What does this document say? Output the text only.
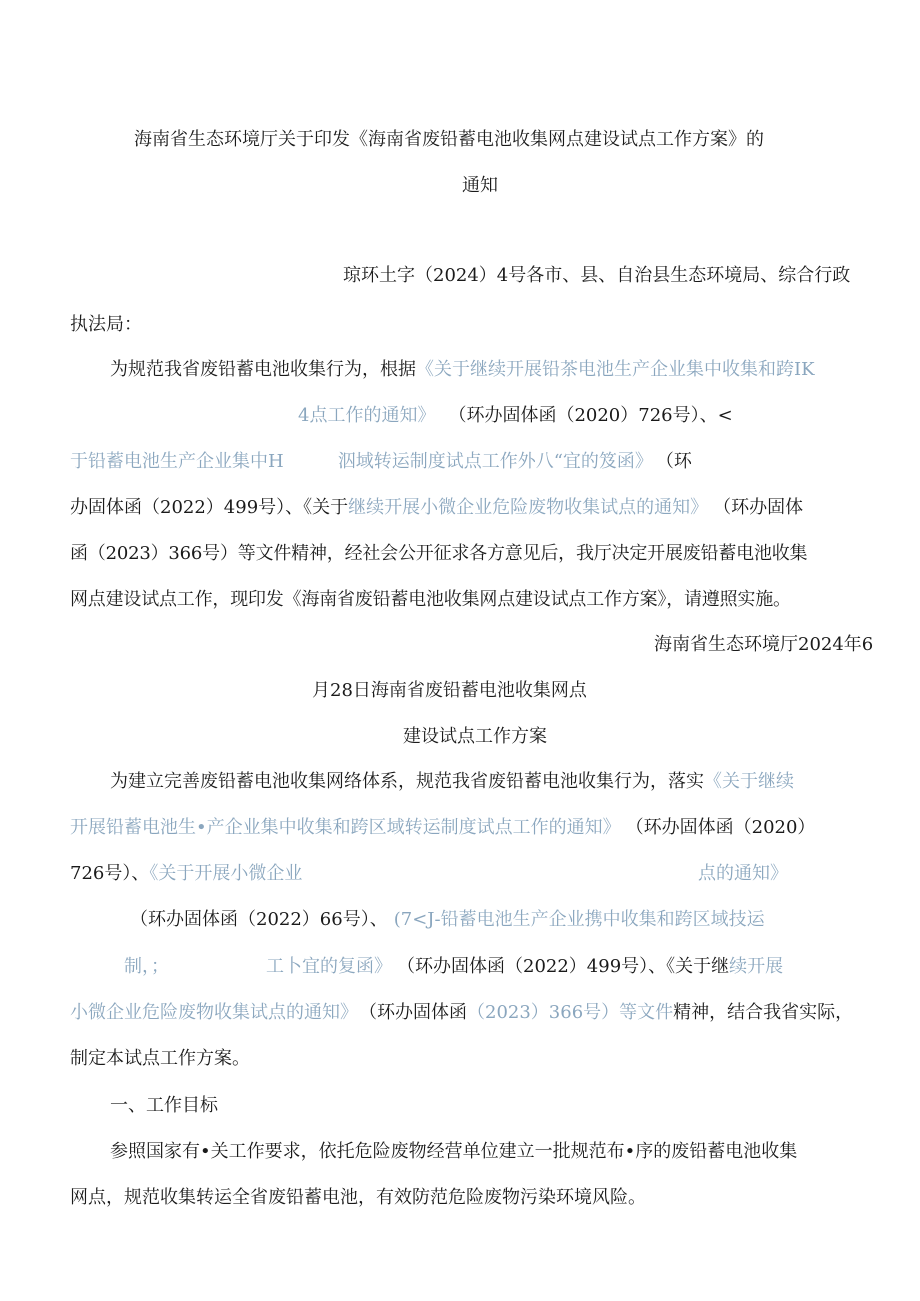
海南省生态环境厅关于印发《海南省废铅蓄电池收集网点建设试点工作方案》的
通知
琼环土字（2024）4号各市、县、自治县生态环境局、综合行政
执法局：
为规范我省废铅蓄电池收集行为，根据《关于继续开展铅茶电池生产企业集中收集和跨IK
4点工作的通知》 （环办固体函（2020）726号）、<
于铅蓄电池生产企业集中H	泅域转运制度试点工作外八“宜的笈函》 （环
办固体函（2022）499号）、《关于继续开展小微企业危险废物收集试点的通知》 （环办固体
函（2023）366号）等文件精神，经社会公开征求各方意见后，我厅决定开展废铅蓄电池收集
网点建设试点工作，现印发《海南省废铅蓄电池收集网点建设试点工作方案》，请遵照实施。
海南省生态环境厅2024年6
月28日海南省废铅蓄电池收集网点
建设试点工作方案
为建立完善废铅蓄电池收集网络体系，规范我省废铅蓄电池收集行为，落实《关于继续
开展铅蓄电池生•产企业集中收集和跨区域转运制度试点工作的通知》 （环办固体函（2020）
726号）、《关于开展小微企业	点的通知》
（环办固体函（2022）66号）、 (7<J-铅蓄电池生产企业携中收集和跨区域技运
制，；	工卜宜的复函》 （环办固体函（2022）499号）、《关于继续开展
小微企业危险废物收集试点的通知》 （环办固体函（2023）366号）等文件精神，结合我省实际，
制定本试点工作方案。
一、工作目标
参照国家有•关工作要求，依托危险废物经营单位建立一批规范布•序的废铅蓄电池收集
网点，规范收集转运全省废铅蓄电池，有效防范危险废物污染环境风险。
